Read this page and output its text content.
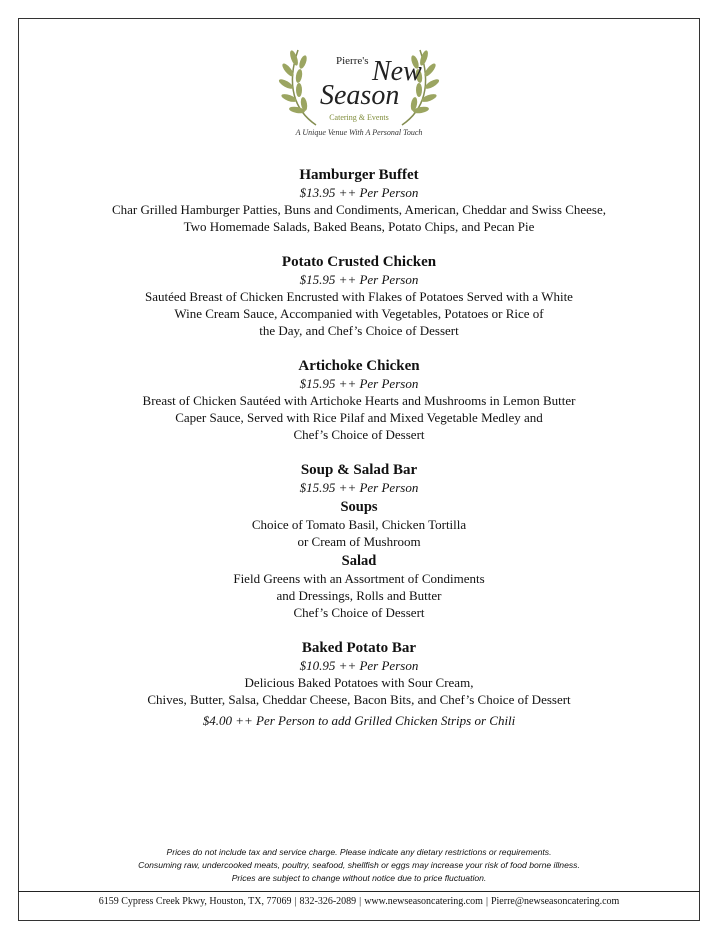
Pierre's New
Season
Catering & Events
A Unique Venue With A Personal Touch
Hamburger Buffet
$13.95 ++ Per Person
Char Grilled Hamburger Patties, Buns and Condiments, American, Cheddar and Swiss Cheese,
Two Homemade Salads, Baked Beans, Potato Chips, and Pecan Pie
Potato Crusted Chicken
$15.95 ++ Per Person
Sautéed Breast of Chicken Encrusted with Flakes of Potatoes Served with a White
Wine Cream Sauce, Accompanied with Vegetables, Potatoes or Rice of
the Day, and Chef’s Choice of Dessert
Artichoke Chicken
$15.95 ++ Per Person
Breast of Chicken Sautéed with Artichoke Hearts and Mushrooms in Lemon Butter
Caper Sauce, Served with Rice Pilaf and Mixed Vegetable Medley and
Chef’s Choice of Dessert
Soup & Salad Bar
$15.95 ++ Per Person
Soups
Choice of Tomato Basil, Chicken Tortilla
or Cream of Mushroom
Salad
Field Greens with an Assortment of Condiments
and Dressings, Rolls and Butter
Chef’s Choice of Dessert
Baked Potato Bar
$10.95 ++ Per Person
Delicious Baked Potatoes with Sour Cream,
Chives, Butter, Salsa, Cheddar Cheese, Bacon Bits, and Chef’s Choice of Dessert
$4.00 ++ Per Person to add Grilled Chicken Strips or Chili
Prices do not include tax and service charge. Please indicate any dietary restrictions or requirements.
Consuming raw, undercooked meats, poultry, seafood, shellfish or eggs may increase your risk of food borne illness.
Prices are subject to change without notice due to price fluctuation.
6159 Cypress Creek Pkwy, Houston, TX, 77069 | 832-326-2089 | www.newseasoncatering.com | Pierre@newseasoncatering.com
